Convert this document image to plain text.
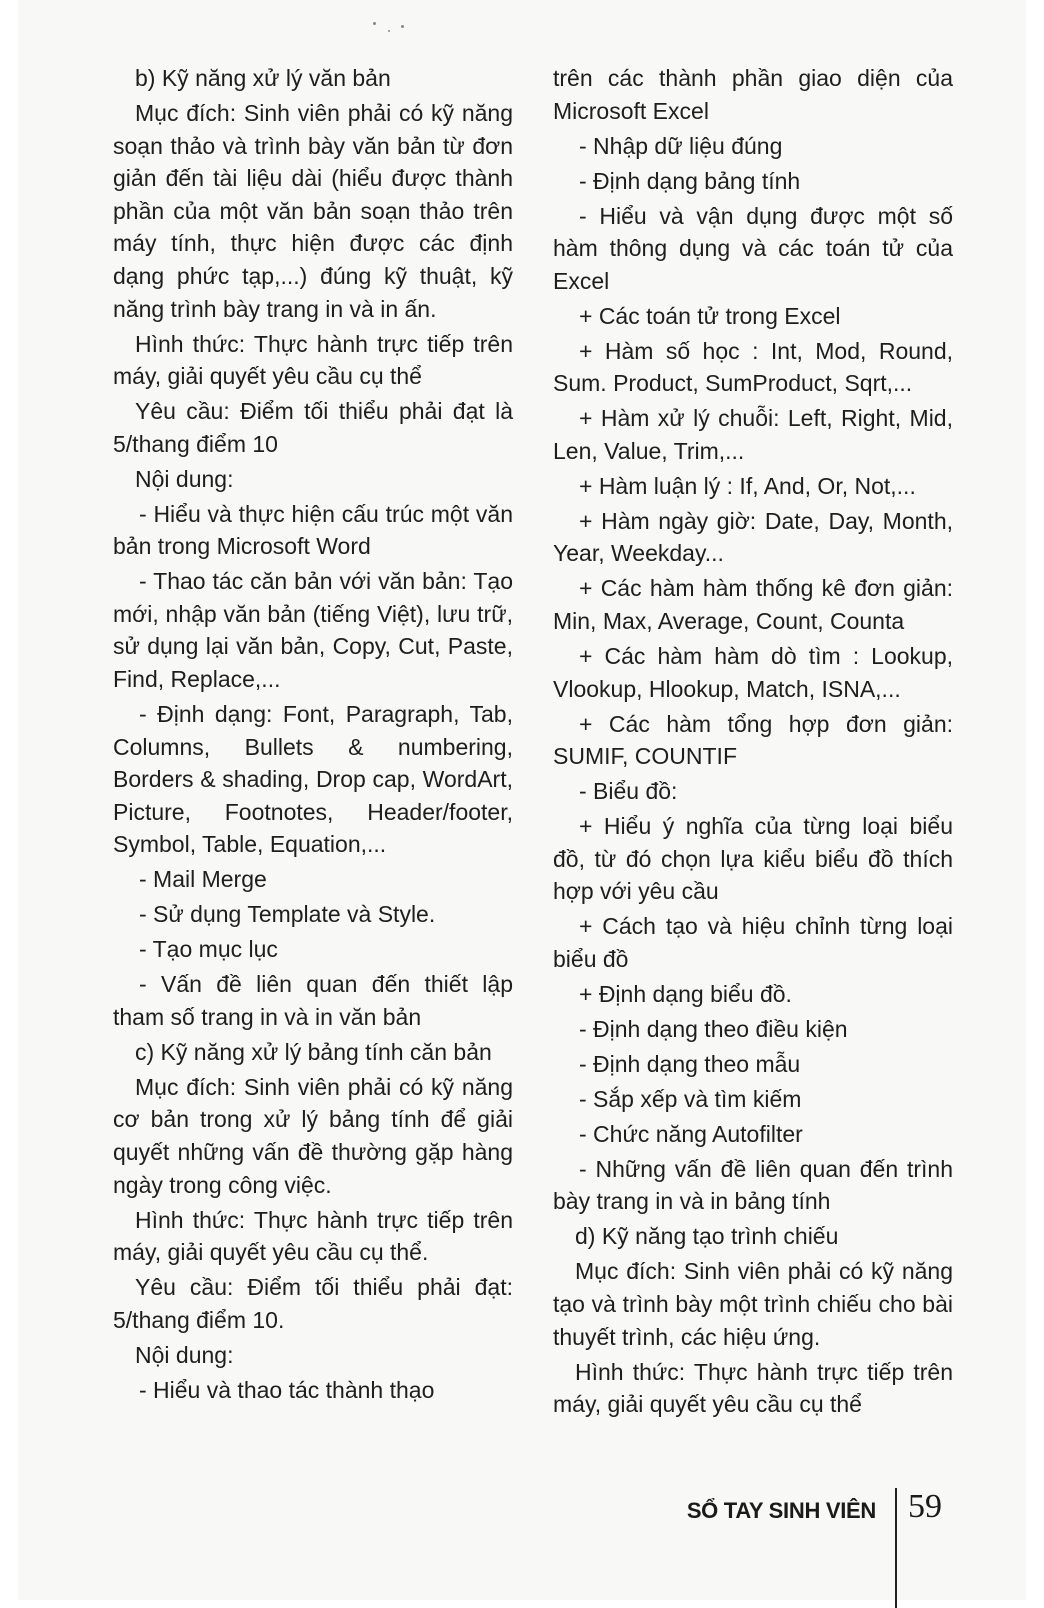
b) Kỹ năng xử lý văn bản

Mục đích: Sinh viên phải có kỹ năng soạn thảo và trình bày văn bản từ đơn giản đến tài liệu dài (hiểu được thành phần của một văn bản soạn thảo trên máy tính, thực hiện được các định dạng phức tạp,...) đúng kỹ thuật, kỹ năng trình bày trang in và in ấn.

Hình thức: Thực hành trực tiếp trên máy, giải quyết yêu cầu cụ thể

Yêu cầu: Điểm tối thiểu phải đạt là 5/thang điểm 10

Nội dung:

- Hiểu và thực hiện cấu trúc một văn bản trong Microsoft Word

- Thao tác căn bản với văn bản: Tạo mới, nhập văn bản (tiếng Việt), lưu trữ, sử dụng lại văn bản, Copy, Cut, Paste, Find, Replace,...

- Định dạng: Font, Paragraph, Tab, Columns, Bullets & numbering, Borders & shading, Drop cap, WordArt, Picture, Footnotes, Header/footer, Symbol, Table, Equation,...

- Mail Merge

- Sử dụng Template và Style.

- Tạo mục lục

- Vấn đề liên quan đến thiết lập tham số trang in và in văn bản

c) Kỹ năng xử lý bảng tính căn bản

Mục đích: Sinh viên phải có kỹ năng cơ bản trong xử lý bảng tính để giải quyết những vấn đề thường gặp hàng ngày trong công việc.

Hình thức: Thực hành trực tiếp trên máy, giải quyết yêu cầu cụ thể.

Yêu cầu: Điểm tối thiểu phải đạt: 5/thang điểm 10.

Nội dung:

- Hiểu và thao tác thành thạo

trên các thành phần giao diện của Microsoft Excel

- Nhập dữ liệu đúng

- Định dạng bảng tính

- Hiểu và vận dụng được một số hàm thông dụng và các toán tử của Excel

+ Các toán tử trong Excel

+ Hàm số học : Int, Mod, Round, Sum. Product, SumProduct, Sqrt,...

+ Hàm xử lý chuỗi: Left, Right, Mid, Len, Value, Trim,...

+ Hàm luận lý : If, And, Or, Not,...

+ Hàm ngày giờ: Date, Day, Month, Year, Weekday...

+ Các hàm hàm thống kê đơn giản: Min, Max, Average, Count, Counta

+ Các hàm hàm dò tìm : Lookup, Vlookup, Hlookup, Match, ISNA,...

+ Các hàm tổng hợp đơn giản: SUMIF, COUNTIF

- Biểu đồ:

+ Hiểu ý nghĩa của từng loại biểu đồ, từ đó chọn lựa kiểu biểu đồ thích hợp với yêu cầu

+ Cách tạo và hiệu chỉnh từng loại biểu đồ

+ Định dạng biểu đồ.

- Định dạng theo điều kiện

- Định dạng theo mẫu

- Sắp xếp và tìm kiếm

- Chức năng Autofilter

- Những vấn đề liên quan đến trình bày trang in và in bảng tính

d) Kỹ năng tạo trình chiếu

Mục đích: Sinh viên phải có kỹ năng tạo và trình bày một trình chiếu cho bài thuyết trình, các hiệu ứng.

Hình thức: Thực hành trực tiếp trên máy, giải quyết yêu cầu cụ thể

SỔ TAY SINH VIÊN 59
